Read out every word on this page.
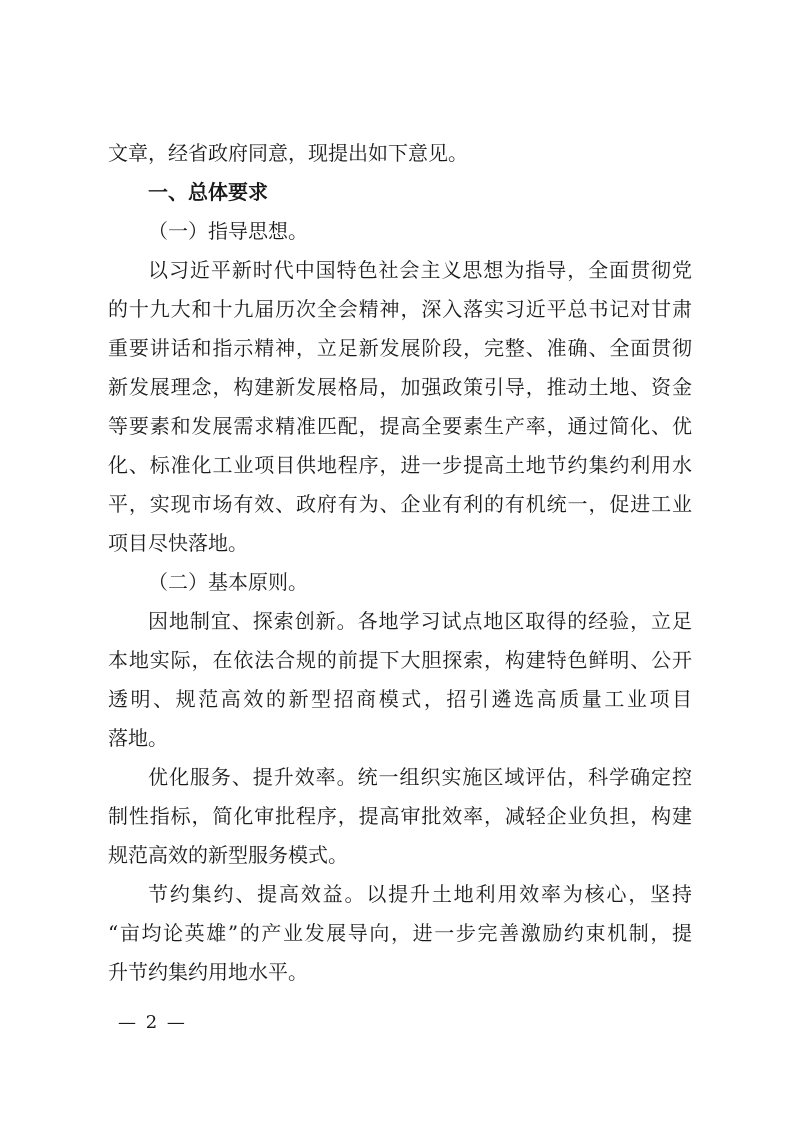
文章，经省政府同意，现提出如下意见。
一、总体要求
（一）指导思想。
以习近平新时代中国特色社会主义思想为指导，全面贯彻党
的十九大和十九届历次全会精神，深入落实习近平总书记对甘肃
重要讲话和指示精神，立足新发展阶段，完整、准确、全面贯彻
新发展理念，构建新发展格局，加强政策引导，推动土地、资金
等要素和发展需求精准匹配，提高全要素生产率，通过简化、优
化、标准化工业项目供地程序，进一步提高土地节约集约利用水
平，实现市场有效、政府有为、企业有利的有机统一，促进工业
项目尽快落地。
（二）基本原则。
因地制宜、探索创新。各地学习试点地区取得的经验，立足
本地实际，在依法合规的前提下大胆探索，构建特色鲜明、公开
透明、规范高效的新型招商模式，招引遴选高质量工业项目
落地。
优化服务、提升效率。统一组织实施区域评估，科学确定控
制性指标，简化审批程序，提高审批效率，减轻企业负担，构建
规范高效的新型服务模式。
节约集约、提高效益。以提升土地利用效率为核心，坚持
“亩均论英雄”的产业发展导向，进一步完善激励约束机制，提
升节约集约用地水平。
— 2 —
